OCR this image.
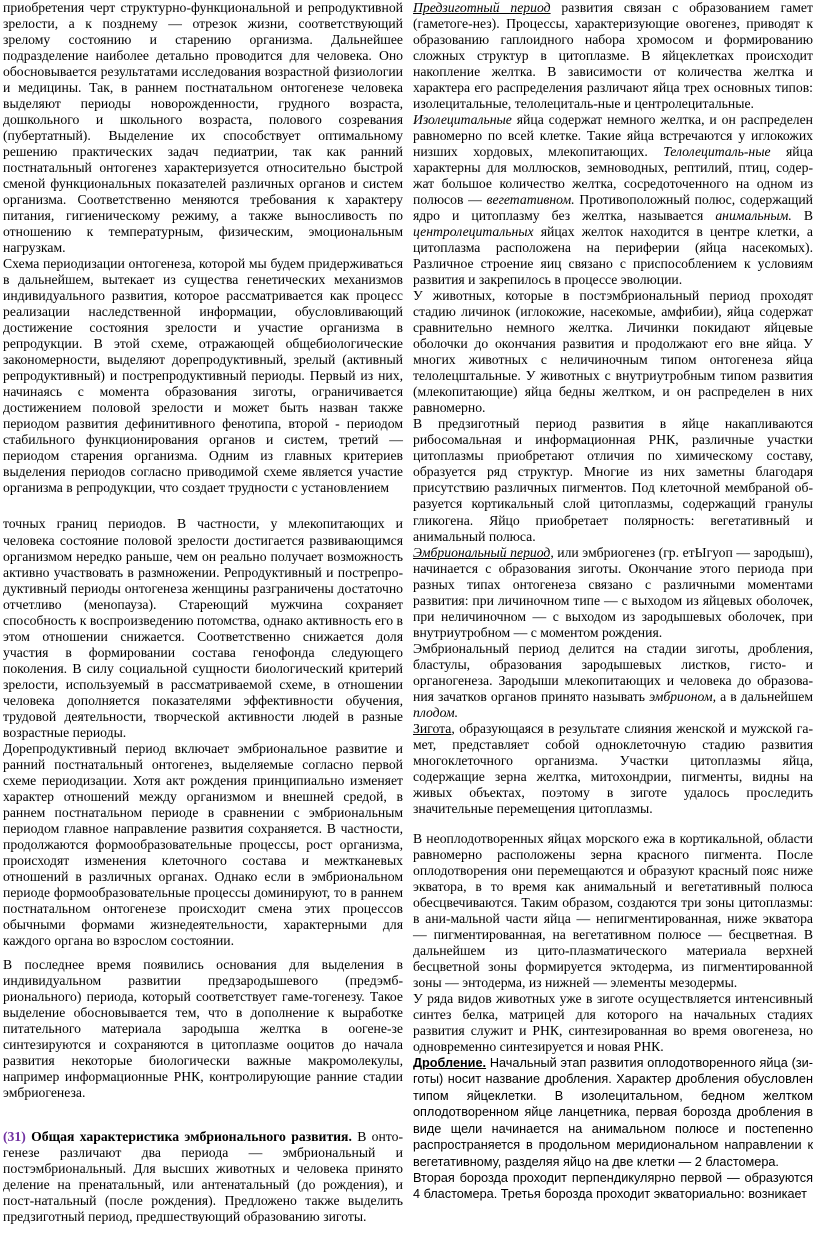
приобретения черт структурно-функциональной и репродуктивной зрелости, а к позднему — отрезок жизни, соответствующий зрелому состоянию и старению организма. Дальнейшее подразделение наиболее детально проводится для человека. Оно обосновывается результатами исследования возрастной физиологии и медицины. Так, в раннем постнатальном онтогенезе человека выделяют периоды новорожденности, грудного возраста, дошкольного и школьного возраста, полового созревания (пубертатный). Выделение их способствует оптимальному решению практических задач педиатрии, так как ранний постнатальный онтогенез характеризуется относительно быстрой сменой функциональных показателей различных органов и систем организма. Соответственно меняются требования к характеру питания, гигиеническому режиму, а также выносливость по отношению к температурным, физическим, эмоциональным нагрузкам.

Схема периодизации онтогенеза, которой мы будем придерживаться в дальнейшем, вытекает из существа генетических механизмов индивидуального развития, которое рассматривается как процесс реализации наследственной информации, обусловливающий достижение состояния зрелости и участие организма в репродукции. В этой схеме, отражающей общебиологические закономерности, выделяют дорепродуктивный, зрелый (активный репродуктивный) и пострепродуктивный периоды. Первый из них, начинаясь с момента образования зиготы, ограничивается достижением половой зрелости и может быть назван также периодом развития дефинитивного фенотипа, второй - периодом стабильного функционирования органов и систем, третий — периодом старения организма. Одним из главных критериев выделения периодов согласно приводимой схеме является участие организма в репродукции, что создает трудности с установлением

точных границ периодов. В частности, у млекопитающих и человека состояние половой зрелости достигается развивающимся организмом нередко раньше, чем он реально получает возможность активно участвовать в размножении. Репродуктивный и пострепродуктивный периоды онтогенеза женщины разграничены достаточно отчетливо (менопауза). Стареющий мужчина сохраняет способность к воспроизведению потомства, однако активность его в этом отношении снижается. Соответственно снижается доля участия в формировании состава генофонда следующего поколения. В силу социальной сущности биологический критерий зрелости, используемый в рассматриваемой схеме, в отношении человека дополняется показателями эффективности обучения, трудовой деятельности, творческой активности людей в разные возрастные периоды.

Дорепродуктивный период включает эмбриональное развитие и ранний постнатальный онтогенез, выделяемые согласно первой схеме периодизации. Хотя акт рождения принципиально изменяет характер отношений между организмом и внешней средой, в раннем постнатальном периоде в сравнении с эмбриональным периодом главное направление развития сохраняется. В частности, продолжаются формообразовательные процессы, рост организма, происходят изменения клеточного состава и межтканевых отношений в различных органах. Однако если в эмбриональном периоде формообразовательные процессы доминируют, то в раннем постнатальном онтогенезе происходит смена этих процессов обычными формами жизнедеятельности, характерными для каждого органа во взрослом состоянии.

В последнее время появились основания для выделения в индивидуальном развитии предзародышевого (предэмбрионального) периода, который соответствует гаме-тогенезу. Такое выделение обосновывается тем, что в дополнение к выработке питательного материала зародыша желтка в оогене-зе синтезируются и сохраняются в цитоплазме ооцитов до начала развития некоторые биологически важные макромолекулы, например информационные РНК, контролирующие ранние стадии эмбриогенеза.

(31) Общая характеристика эмбрионального развития. В онтогенезе различают два периода — эмбриональный и постэмбриональный. Для высших животных и человека принято деление на пренатальный, или антенатальный (до рождения), и пост-натальный (после рождения). Предложено также выделить предзиготный период, предшествующий образованию зиготы.

Предзиготный период развития связан с образованием гамет (гаметоге-нез). Процессы, характеризующие овогенез, приводят к образованию гаплоидного набора хромосом и формированию сложных структур в цитоплазме. В яйцеклетках происходит накопление желтка. В зависимости от количества желтка и характера его распределения различают яйца трех основных типов: изолецитальные, телолециталь-ные и центролецитальные.

Изолецитальные яйца содержат немного желтка, и он распределен равномерно по всей клетке. Такие яйца встречаются у иглокожих низших хордовых, млекопитающих. Телолециталь-ные яйца характерны для моллюсков, земноводных, рептилий, птиц, содержат большое количество желтка, сосредоточенного на одном из полюсов — вегетативном. Противоположный полюс, содержащий ядро и цитоплазму без желтка, называется анимальным. В центролецитальных яйцах желток находится в центре клетки, а цитоплазма расположена на периферии (яйца насекомых). Различное строение яиц связано с приспособлением к условиям развития и закрепилось в процессе эволюции.

У животных, которые в постэмбриональный период проходят стадию личинок (иглокожие, насекомые, амфибии), яйца содержат сравнительно немного желтка. Личинки покидают яйцевые оболочки до окончания развития и продолжают его вне яйца. У многих животных с неличиночным типом онтогенеза яйца телолецштальные. У животных с внутриутробным типом развития (млекопитающие) яйца бедны желтком, и он распределен в них равномерно.

В предзиготный период развития в яйце накапливаются рибосомальная и информационная РНК, различные участки цитоплазмы приобретают отличия по химическому составу, образуется ряд структур. Многие из них заметны благодаря присутствию различных пигментов. Под клеточной мембраной образуется кортикальный слой цитоплазмы, содержащий гранулы гликогена. Яйцо приобретает полярность: вегетативный и анимальный полюса.

Эмбриональный период, или эмбриогенез (гр. етЫгуоп — зародыш), начинается с образования зиготы. Окончание этого периода при разных типах онтогенеза связано с различными моментами развития: при личиночном типе — с выходом из яйцевых оболочек, при неличиночном — с выходом из зародышевых оболочек, при внутриутробном — с моментом рождения.

Эмбриональный период делится на стадии зиготы, дробления, бластулы, образования зародышевых листков, гисто- и органогенеза. Зародыши млекопитающих и человека до образования зачатков органов принято называть эмбрионом, а в дальнейшем плодом.

Зигота, образующаяся в результате слияния женской и мужской гамет, представляет собой одноклеточную стадию развития многоклеточного организма. Участки цитоплазмы яйца, содержащие зерна желтка, митохондрии, пигменты, видны на живых объектах, поэтому в зиготе удалось проследить значительные перемещения цитоплазмы.

В неоплодотворенных яйцах морского ежа в кортикальной, области равномерно расположены зерна красного пигмента. После оплодотворения они перемещаются и образуют красный пояс ниже экватора, в то время как анимальный и вегетативный полюса обесцвечиваются. Таким образом, создаются три зоны цитоплазмы: в ани-мальной части яйца — непигментированная, ниже экватора — пигментированная, на вегетативном полюсе — бесцветная. В дальнейшем из цито-плазматического материала верхней бесцветной зоны формируется эктодерма, из пигментированной зоны — энтодерма, из нижней — элементы мезодермы.

У ряда видов животных уже в зиготе осуществляется интенсивный синтез белка, матрицей для которого на начальных стадиях развития служит и РНК, синтезированная во время овогенеза, но одновременно синтезируется и новая РНК.

Дробление. Начальный этап развития оплодотворенного яйца (зиготы) носит название дробления. Характер дробления обусловлен типом яйцеклетки. В изолецитальном, бедном желтком оплодотворенном яйце ланцетника, первая борозда дробления в виде щели начинается на анимальном полюсе и постепенно распространяется в продольном меридиональном направлении к вегетативному, разделяя яйцо на две клетки — 2 бластомера.

Вторая борозда проходит перпендикулярно первой — образуются 4 бластомера. Третья борозда проходит экваториально: возникает
